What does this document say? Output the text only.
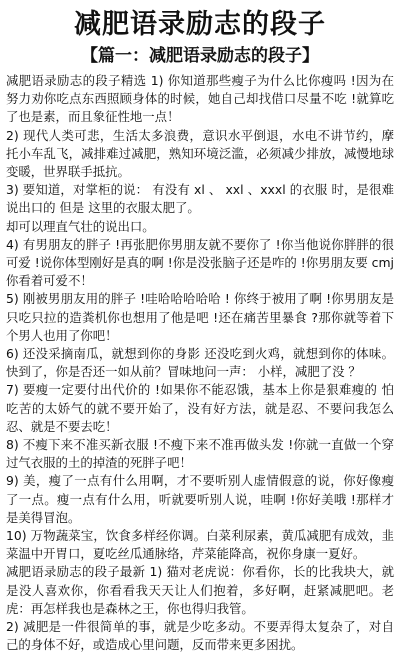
减肥语录励志的段子
【篇一：减肥语录励志的段子】

减肥语录励志的段子精选 1) 你知道那些瘦子为什么比你瘦吗 !因为在努力劝你吃点东西照顾身体的时候，她自己却找借口尽量不吃 !就算吃了也是素，而且象征性地一点！

2) 现代人类可悲，生活太多浪费，意识水平倒退，水电不讲节约，摩托小车乱飞，减排难过减肥，熟知环境泛滥，必须减少排放，减慢地球变暖，世界联手抵抗。

3) 要知道，对掌柜的说： 有没有 xl 、 xxl 、xxxl 的衣服 时，是很难说出口的 但是 这里的衣服太肥了。

却可以理直气壮的说出口。

4) 有男朋友的胖子 !再张肥你男朋友就不要你了 !你当他说你胖胖的很可爱 !说你体型刚好是真的啊 !你是没张脑子还是咋的 !你男朋友要 cmj 你看着可爱不！

5) 刚被男朋友用的胖子 !哇哈哈哈哈哈 ! 你终于被用了啊 !你男朋友是只吃只拉的造粪机你也想用了他是吧 !还在痛苦里暴食 ?那你就等着下个男人也用了你吧！

6) 还没采摘南瓜，就想到你的身影 还没吃到火鸡，就想到你的体味。快到了，你是否还一如从前？冒味地问一声： 小样，减肥了没 ？

7) 要瘦一定要付出代价的 !如果你不能忍饿，基本上你是狠难瘦的 怕吃苦的太娇气的就不要开始了，没有好方法，就是忍、不要问我怎么忍、就是不要去吃！

8) 不瘦下来不准买新衣服 !不瘦下来不准再做头发 !你就一直做一个穿过气衣服的土的掉渣的死胖子吧！

9) 美，瘦了一点有什么用啊，才不要听别人虚情假意的说，你好像瘦了一点。瘦一点有什么用，听就要听别人说，哇啊 !你好美哦 !那样才是美得冒泡。

10) 万物蔬菜宝，饮食多样经你调。白菜利尿素，黄瓜减肥有成效，韭菜温中开胃口，夏吃丝瓜通脉络，芹菜能降高，祝你身康一夏好。

减肥语录励志的段子最新 1) 猫对老虎说：你看你，长的比我块大，就是没人喜欢你，你看看我天天让人们抱着，多好啊，赶紧减肥吧。老虎：再怎样我也是森林之王，你也得归我管。

2) 减肥是一件很简单的事，就是少吃多动。不要弄得太复杂了，对自己的身体不好，或造成心里问题，反而带来更多困扰。
